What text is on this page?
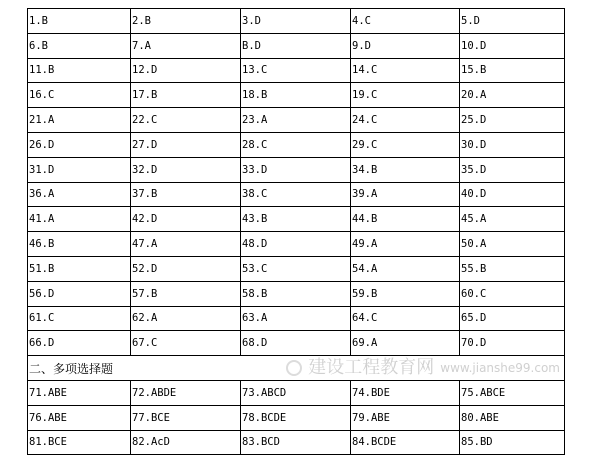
1.B	2.B	3.D	4.C	5.D
6.B	7.A	B.D	9.D	10.D
11.B	12.D	13.C	14.C	15.B
16.C	17.B	18.B	19.C	20.A
21.A	22.C	23.A	24.C	25.D
26.D	27.D	28.C	29.C	30.D
31.D	32.D	33.D	34.B	35.D
36.A	37.B	38.C	39.A	40.D
41.A	42.D	43.B	44.B	45.A
46.B	47.A	48.D	49.A	50.A
51.B	52.D	53.C	54.A	55.B
56.D	57.B	58.B	59.B	60.C
61.C	62.A	63.A	64.C	65.D
66.D	67.C	68.D	69.A	70.D

二、多项选择题 建设工程教育网 www.jianshe99.com				

71.ABE	72.ABDE	73.ABCD	74.BDE	75.ABCE
76.ABE	77.BCE	78.BCDE	79.ABE	80.ABE
81.BCE	82.AcD	83.BCD	84.BCDE	85.BD
